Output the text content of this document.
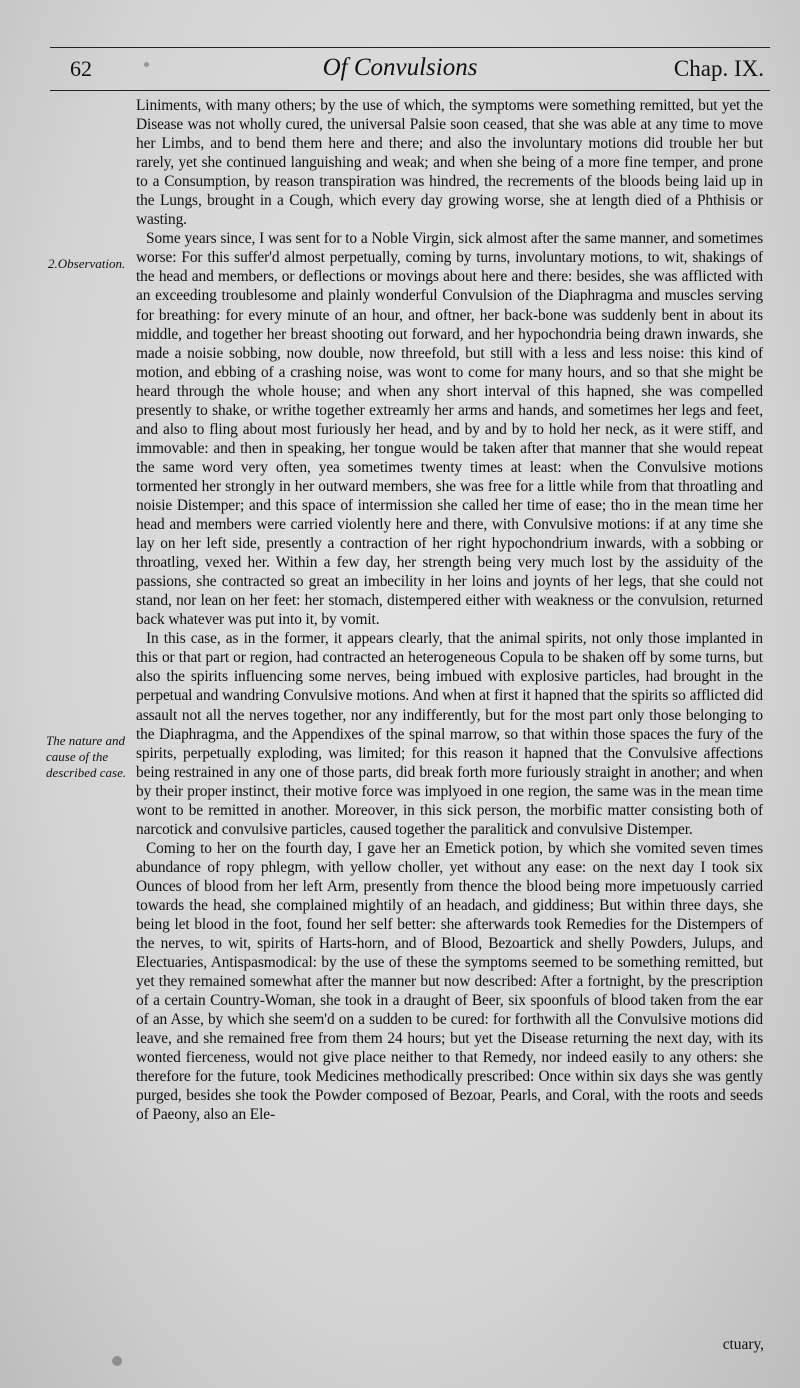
62	Of Convulsions	Chap. IX.
2.Observation.
The nature and cause of the described case.

Liniments, with many others; by the use of which, the symptoms were something remitted, but yet the Disease was not wholly cured, the universal Palsie soon ceased, that she was able at any time to move her Limbs, and to bend them here and there; and also the involuntary motions did trouble her but rarely, yet she continued languishing and weak; and when she being of a more fine temper, and prone to a Consumption, by reason transpiration was hindred, the recrements of the bloods being laid up in the Lungs, brought in a Cough, which every day growing worse, she at length died of a Phthisis or wasting.

Some years since, I was sent for to a Noble Virgin, sick almost after the same manner, and sometimes worse: For this suffer'd almost perpetually, coming by turns, involuntary motions, to wit, shakings of the head and members, or deflections or movings about here and there: besides, she was afflicted with an exceeding troublesome and plainly wonderful Convulsion of the Diaphragma and muscles serving for breathing: for every minute of an hour, and oftner, her back-bone was suddenly bent in about its middle, and together her breast shooting out forward, and her hypochondria being drawn inwards, she made a noisie sobbing, now double, now threefold, but still with a less and less noise: this kind of motion, and ebbing of a crashing noise, was wont to come for many hours, and so that she might be heard through the whole house; and when any short interval of this hapned, she was compelled presently to shake, or writhe together extreamly her arms and hands, and sometimes her legs and feet, and also to fling about most furiously her head, and by and by to hold her neck, as it were stiff, and immovable: and then in speaking, her tongue would be taken after that manner that she would repeat the same word very often, yea sometimes twenty times at least: when the Convulsive motions tormented her strongly in her outward members, she was free for a little while from that throatling and noisie Distemper; and this space of intermission she called her time of ease; tho in the mean time her head and members were carried violently here and there, with Convulsive motions: if at any time she lay on her left side, presently a contraction of her right hypochondrium inwards, with a sobbing or throatling, vexed her. Within a few day, her strength being very much lost by the assiduity of the passions, she contracted so great an imbecility in her loins and joynts of her legs, that she could not stand, nor lean on her feet: her stomach, distempered either with weakness or the convulsion, returned back whatever was put into it, by vomit.

In this case, as in the former, it appears clearly, that the animal spirits, not only those implanted in this or that part or region, had contracted an heterogeneous Copula to be shaken off by some turns, but also the spirits influencing some nerves, being imbued with explosive particles, had brought in the perpetual and wandring Convulsive motions. And when at first it hapned that the spirits so afflicted did assault not all the nerves together, nor any indifferently, but for the most part only those belonging to the Diaphragma, and the Appendixes of the spinal marrow, so that within those spaces the fury of the spirits, perpetually exploding, was limited; for this reason it hapned that the Convulsive affections being restrained in any one of those parts, did break forth more furiously straight in another; and when by their proper instinct, their motive force was implyoed in one region, the same was in the mean time wont to be remitted in another. Moreover, in this sick person, the morbific matter consisting both of narcotick and convulsive particles, caused together the paralitick and convulsive Distemper.

Coming to her on the fourth day, I gave her an Emetick potion, by which she vomited seven times abundance of ropy phlegm, with yellow choller, yet without any ease: on the next day I took six Ounces of blood from her left Arm, presently from thence the blood being more impetuously carried towards the head, she complained mightily of an headach, and giddiness; But within three days, she being let blood in the foot, found her self better: she afterwards took Remedies for the Distempers of the nerves, to wit, spirits of Harts-horn, and of Blood, Bezoartick and shelly Powders, Julups, and Electuaries, Antispasmodical: by the use of these the symptoms seemed to be something remitted, but yet they remained somewhat after the manner but now described: After a fortnight, by the prescription of a certain Country-Woman, she took in a draught of Beer, six spoonfuls of blood taken from the ear of an Asse, by which she seem'd on a sudden to be cured: for forthwith all the Convulsive motions did leave, and she remained free from them 24 hours; but yet the Disease returning the next day, with its wonted fierceness, would not give place neither to that Remedy, nor indeed easily to any others: she therefore for the future, took Medicines methodically prescribed: Once within six days she was gently purged, besides she took the Powder composed of Bezoar, Pearls, and Coral, with the roots and seeds of Paeony, also an Ele-

ctuary,
